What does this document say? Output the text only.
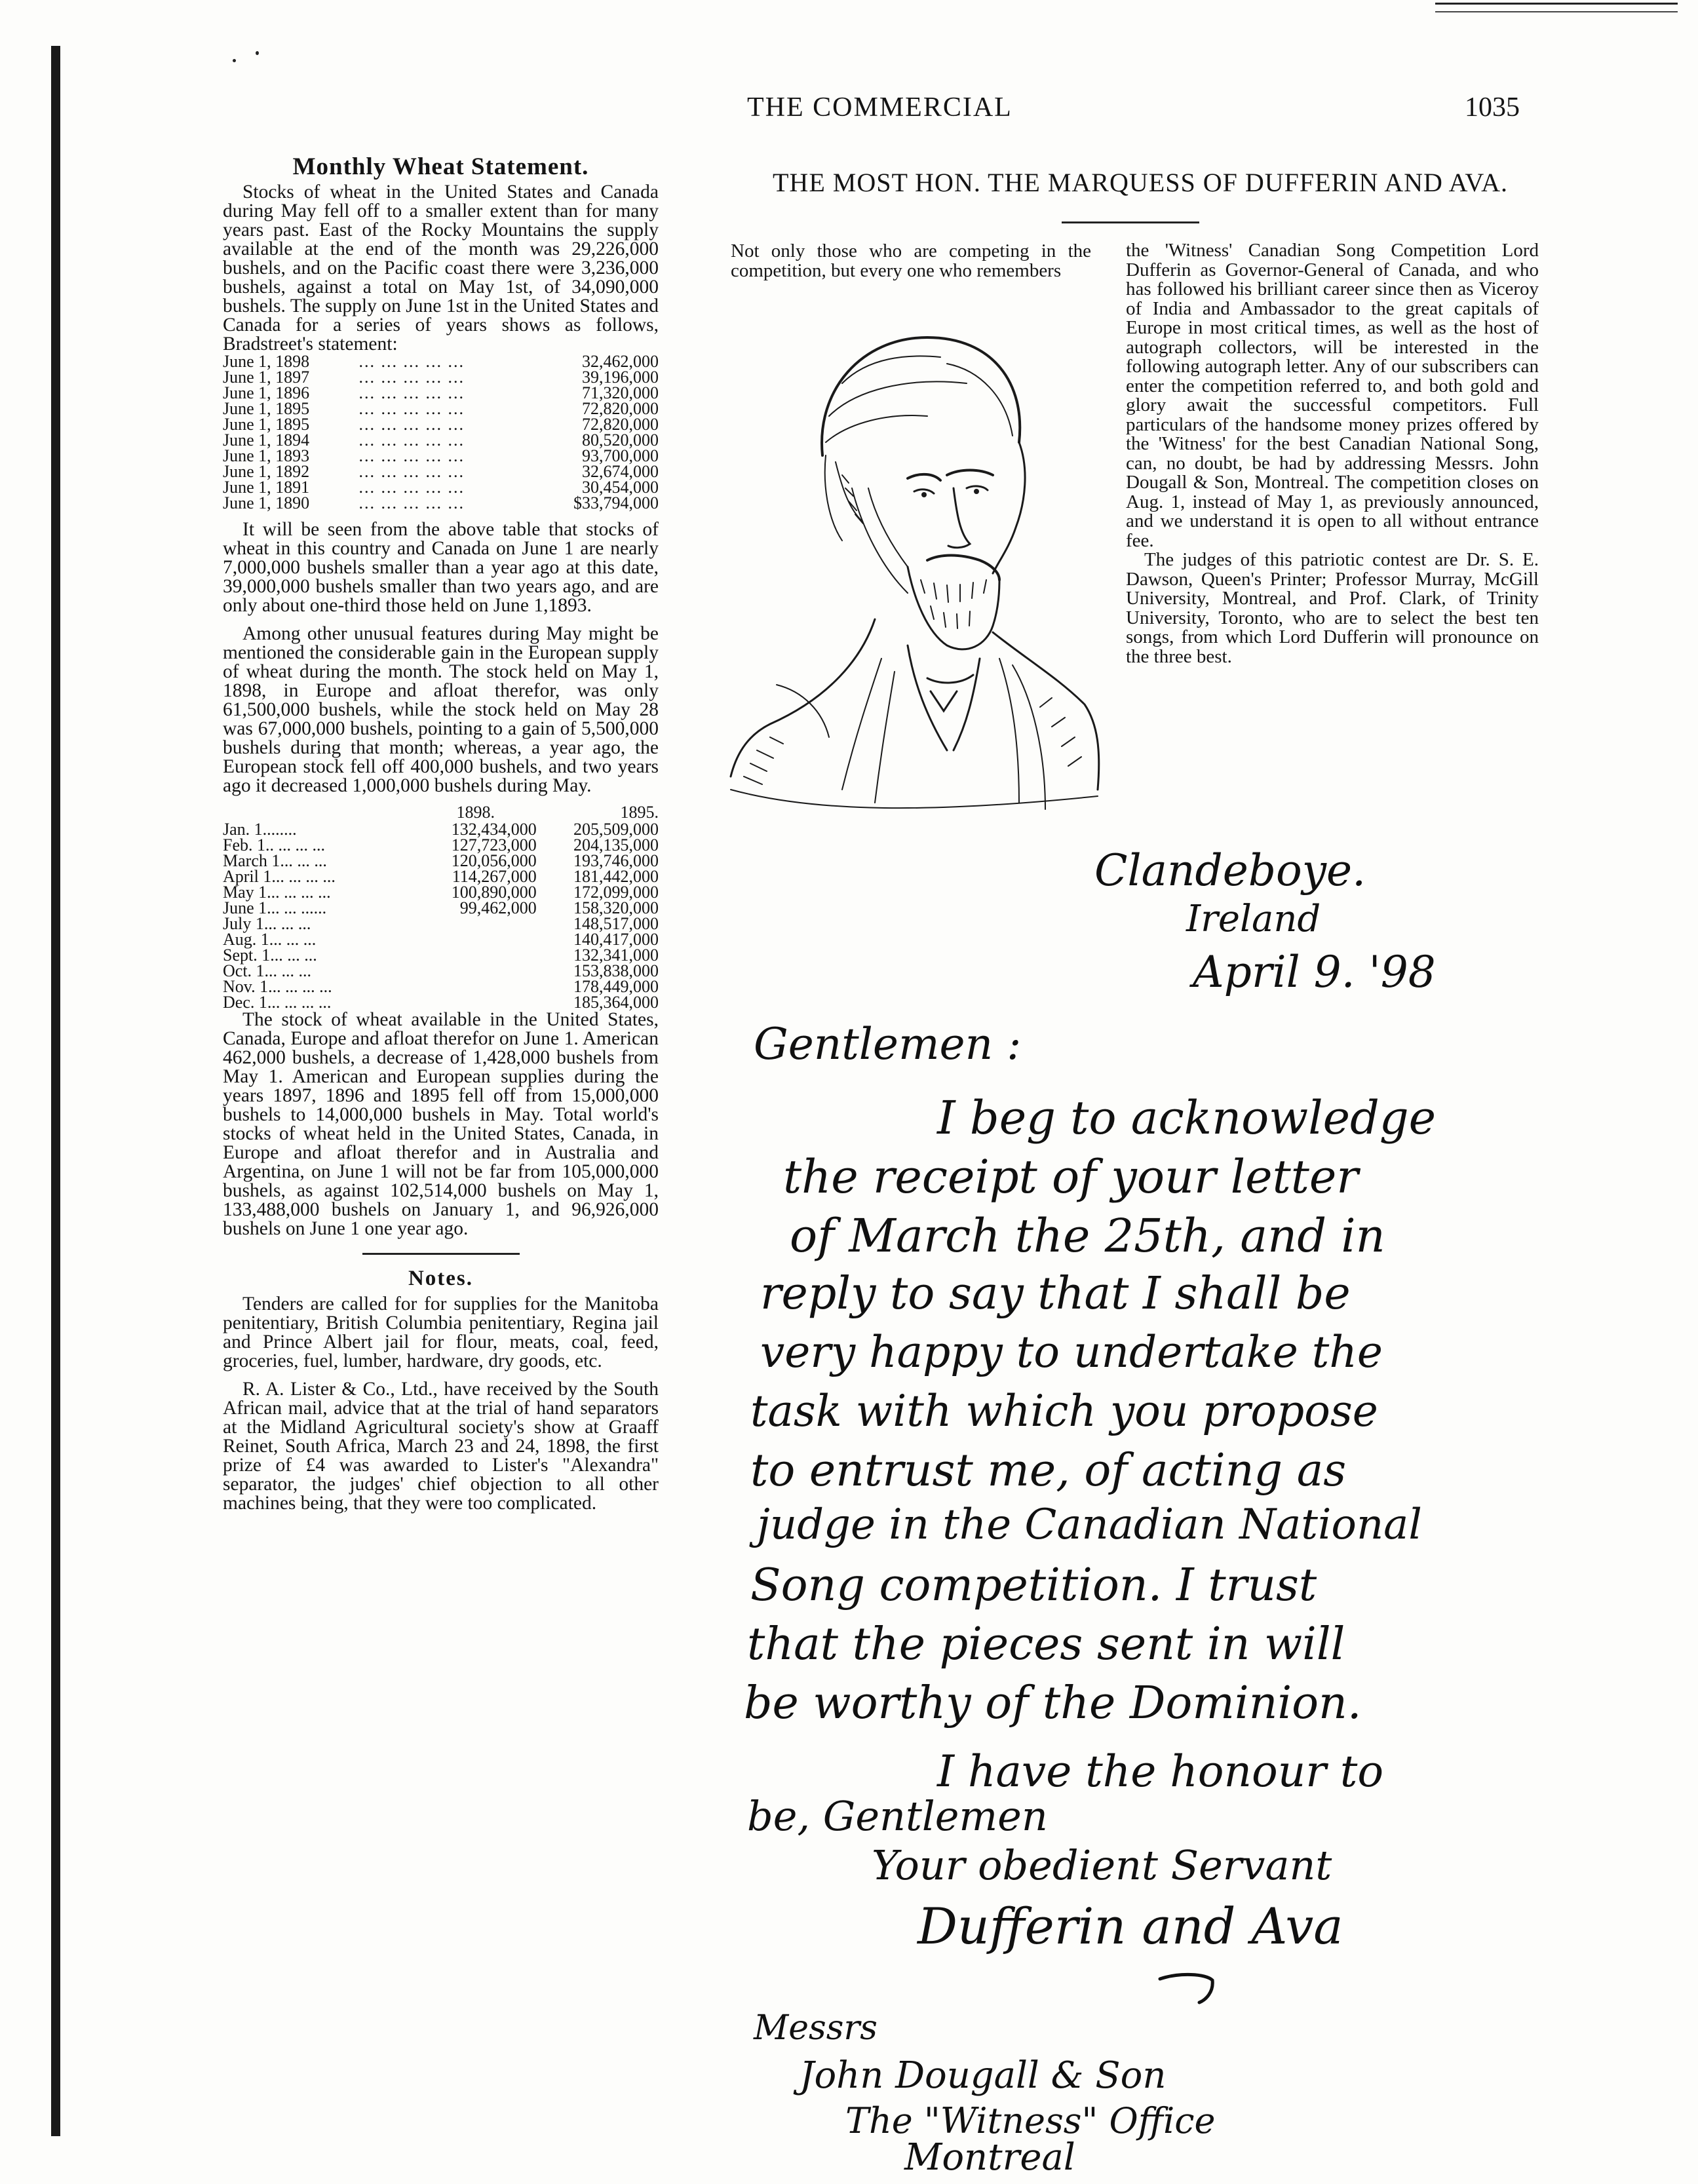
THE COMMERCIAL	1035
Monthly Wheat Statement.

Stocks of wheat in the United States and Canada during May fell off to a smaller extent than for many years past. East of the Rocky Mountains the supply available at the end of the month was 29,226,000 bushels, and on the Pacific coast there were 3,236,000 bushels, against a total on May 1st, of 34,090,000 bushels. The supply on June 1st in the United States and Canada for a series of years shows as follows, Bradstreet's statement:

June 1, 1898	... ... ... ... ...	32,462,000
June 1, 1897	... ... ... ... ...	39,196,000
June 1, 1896	... ... ... ... ...	71,320,000
June 1, 1895	... ... ... ... ...	72,820,000
June 1, 1895	... ... ... ... ...	72,820,000
June 1, 1894	... ... ... ... ...	80,520,000
June 1, 1893	... ... ... ... ...	93,700,000
June 1, 1892	... ... ... ... ...	32,674,000
June 1, 1891	... ... ... ... ...	30,454,000
June 1, 1890	... ... ... ... ...	$33,794,000

It will be seen from the above table that stocks of wheat in this country and Canada on June 1 are nearly 7,000,000 bushels smaller than a year ago at this date, 39,000,000 bushels smaller than two years ago, and are only about one-third those held on June 1,1893.

Among other unusual features during May might be mentioned the considerable gain in the European supply of wheat during the month. The stock held on May 1, 1898, in Europe and afloat therefor, was only 61,500,000 bushels, while the stock held on May 28 was 67,000,000 bushels, pointing to a gain of 5,500,000 bushels during that month; whereas, a year ago, the European stock fell off 400,000 bushels, and two years ago it decreased 1,000,000 bushels during May.

	1898.	1895.
Jan. 1........	132,434,000	205,509,000
Feb. 1.. ... ... ...	127,723,000	204,135,000
March 1... ... ...	120,056,000	193,746,000
April 1... ... ... ...	114,267,000	181,442,000
May 1... ... ... ...	100,890,000	172,099,000
June 1... ... ......	99,462,000	158,320,000
July 1... ... ...		148,517,000
Aug. 1... ... ...		140,417,000
Sept. 1... ... ...		132,341,000
Oct. 1... ... ...		153,838,000
Nov. 1... ... ... ...		178,449,000
Dec. 1... ... ... ...		185,364,000

The stock of wheat available in the United States, Canada, Europe and afloat therefor on June 1. American 462,000 bushels, a decrease of 1,428,000 bushels from May 1. American and European supplies during the years 1897, 1896 and 1895 fell off from 15,000,000 bushels to 14,000,000 bushels in May. Total world's stocks of wheat held in the United States, Canada, in Europe and afloat therefor and in Australia and Argentina, on June 1 will not be far from 105,000,000 bushels, as against 102,514,000 bushels on May 1, 133,488,000 bushels on January 1, and 96,926,000 bushels on June 1 one year ago.

Notes.

Tenders are called for for supplies for the Manitoba penitentiary, British Columbia penitentiary, Regina jail and Prince Albert jail for flour, meats, coal, feed, groceries, fuel, lumber, hardware, dry goods, etc.

R. A. Lister & Co., Ltd., have received by the South African mail, advice that at the trial of hand separators at the Midland Agricultural society's show at Graaff Reinet, South Africa, March 23 and 24, 1898, the first prize of £4 was awarded to Lister's "Alexandra" separator, the judges' chief objection to all other machines being, that they were too complicated.

THE MOST HON. THE MARQUESS OF DUFFERIN AND AVA.

Not only those who are competing in the competition, but every one who remembers

the 'Witness' Canadian Song Competition Lord Dufferin as Governor-General of Canada, and who has followed his brilliant career since then as Viceroy of India and Ambassador to the great capitals of Europe in most critical times, as well as the host of autograph collectors, will be interested in the following autograph letter. Any of our subscribers can enter the competition referred to, and both gold and glory await the successful competitors. Full particulars of the handsome money prizes offered by the 'Witness' for the best Canadian National Song, can, no doubt, be had by addressing Messrs. John Dougall & Son, Montreal. The competition closes on Aug. 1, instead of May 1, as previously announced, and we understand it is open to all without entrance fee.

The judges of this patriotic contest are Dr. S. E. Dawson, Queen's Printer; Professor Murray, McGill University, Montreal, and Prof. Clark, of Trinity University, Toronto, who are to select the best ten songs, from which Lord Dufferin will pronounce on the three best.

Clandeboye.
Ireland
April 9. '98
Gentlemen :
I beg to acknowledge
the receipt of your letter
of March the 25th, and in
reply to say that I shall be
very happy to undertake the
task with which you propose
to entrust me, of acting as
judge in the Canadian National
Song competition. I trust
that the pieces sent in will
be worthy of the Dominion.
I have the honour to
be, Gentlemen
Your obedient Servant
Dufferin and Ava
Messrs
John Dougall & Son
The "Witness" Office
Montreal
